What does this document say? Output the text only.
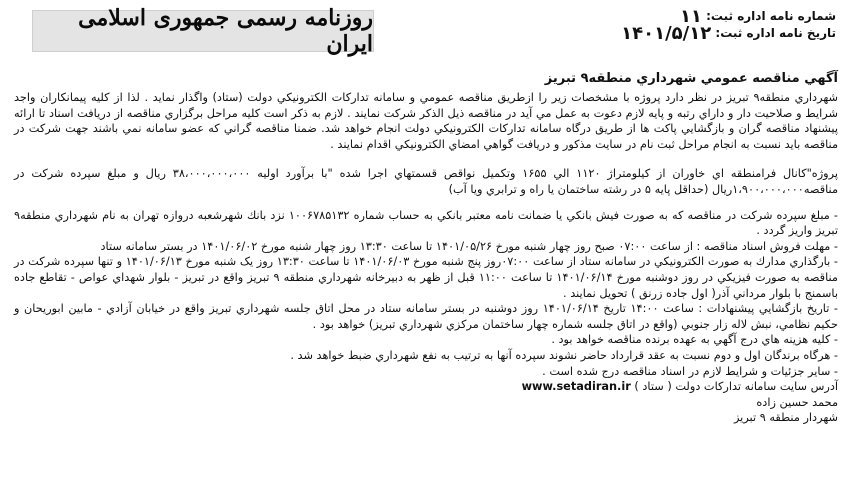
شماره نامه اداره ثبت: ۱۱
تاریخ نامه اداره ثبت: ۱۴۰۱/۵/۱۲
روزنامه رسمی جمهوری اسلامی ایران
آگهي مناقصه عمومي شهرداري منطقه۹ تبريز

شهرداري منطقه۹ تبريز در نظر دارد پروژه با مشخصات زير را ازطريق مناقصه عمومي و سامانه تداركات الكترونيكي دولت (ستاد) واگذار نمايد . لذا از كليه پيمانكاران واجد شرايط و صلاحيت دار و داراي رتبه و پايه لازم دعوت به عمل مي آيد در مناقصه ذيل الذكر شركت نمايند . لازم به ذكر است كليه مراحل برگزاري مناقصه از دريافت اسناد تا ارائه پيشنهاد مناقصه گران و بازگشايي پاكت ها از طريق درگاه سامانه تداركات الكترونيكي دولت انجام خواهد شد. ضمنا مناقصه گراني كه عضو سامانه نمي باشند جهت شركت در مناقصه بايد نسبت به انجام مراحل ثبت نام در سايت مذكور و دريافت گواهي امضاي الكترونيكي اقدام نمايند .

پروژه"كانال فرامنطقه اي خاوران از كيلومتراژ ۱۱۲۰ الي ۱۶۵۵ وتكميل نواقص قسمتهاي اجرا شده "با برآورد اوليه ۳۸،۰۰۰،۰۰۰،۰۰۰ ريال و مبلغ سپرده شركت در مناقصه۱،۹۰۰،۰۰۰،۰۰۰ريال (حداقل پايه ۵ در رشته ساختمان يا راه و ترابري ويا آب)

- مبلغ سپرده شركت در مناقصه كه به صورت فيش بانكي يا ضمانت نامه معتبر بانكي به حساب شماره ۱۰۰۶۷۸۵۱۳۲ نزد بانك شهرشعبه دروازه تهران به نام شهرداري منطقه۹ تبريز واريز گردد .
- مهلت فروش اسناد مناقصه : از ساعت ۰۷:۰۰ صبح روز چهار شنبه مورخ ۱۴۰۱/۰۵/۲۶ تا ساعت ۱۳:۳۰ روز چهار شنبه مورخ ۱۴۰۱/۰۶/۰۲ در بستر سامانه ستاد
- بارگذاري مدارك به صورت الكترونيكي در سامانه ستاد از ساعت ۰۷:۰۰روز پنج شنبه مورخ ۱۴۰۱/۰۶/۰۳ تا ساعت ۱۳:۳۰ روز يک شنبه مورخ ۱۴۰۱/۰۶/۱۳ و تنها سپرده شركت در مناقصه به صورت فيزيكي در روز دوشنبه مورخ ۱۴۰۱/۰۶/۱۴ تا ساعت ۱۱:۰۰ قبل از ظهر به دبيرخانه شهرداري منطقه ۹ تبريز واقع در تبريز - بلوار شهداي عواص - تقاطع جاده باسمنج با بلوار مرداني آذر( اول جاده زرنق ) تحويل نمايند .
- تاريخ بازگشايي پيشنهادات : ساعت ۱۴:۰۰ تاريخ ۱۴۰۱/۰۶/۱۴ روز دوشنبه در بستر سامانه ستاد در محل اتاق جلسه شهرداري تبريز واقع در خيابان آزادي - مابين ابوريحان و حكيم نظامي، نبش لاله زار جنوبي (واقع در اتاق جلسه شماره چهار ساختمان مركزي شهرداري تبريز) خواهد بود .
- كليه هزينه هاي درج آگهي به عهده برنده مناقصه خواهد بود .
- هرگاه برندگان اول و دوم نسبت به عقد قرارداد حاضر نشوند سپرده آنها به ترتيب به نفع شهرداري ضبط خواهد شد .
- ساير جزئيات و شرايط لازم در اسناد مناقصه درج شده است .
آدرس سايت سامانه تداركات دولت ( ستاد ) www.setadiran.ir
محمد حسين زاده
شهردار منطقه ۹ تبريز
